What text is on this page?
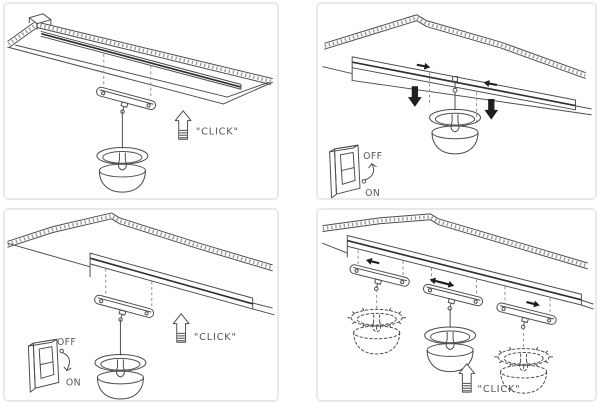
"CLICK"
OFF
ON
"CLICK"
OFF
ON
"CLICK"
